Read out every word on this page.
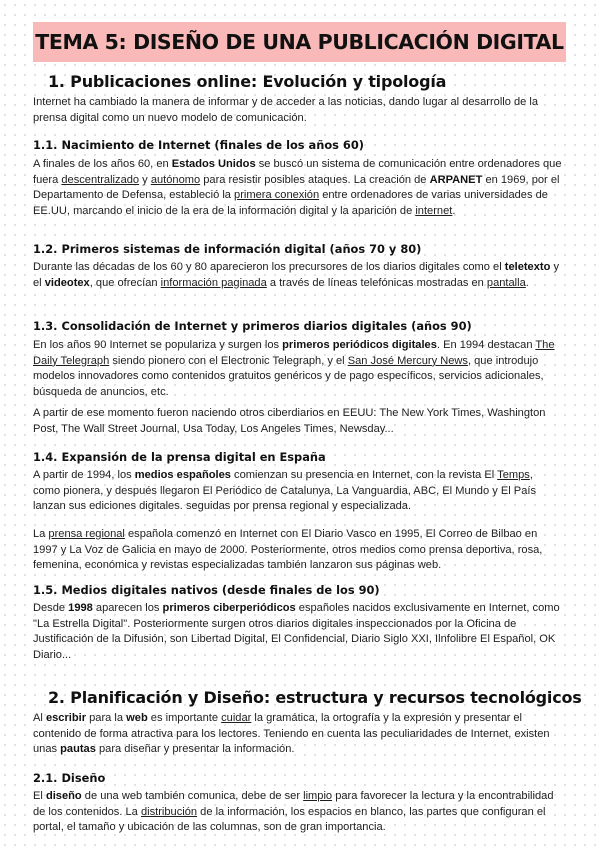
TEMA 5: DISEÑO DE UNA PUBLICACIÓN DIGITAL
1. Publicaciones online: Evolución y tipología

Internet ha cambiado la manera de informar y de acceder a las noticias, dando lugar al desarrollo de la prensa digital como un nuevo modelo de comunicación.

1.1. Nacimiento de Internet (finales de los años 60)

A finales de los años 60, en Estados Unidos se buscó un sistema de comunicación entre ordenadores que fuera descentralizado y autónomo para resistir posibles ataques. La creación de ARPANET en 1969, por el Departamento de Defensa, estableció la primera conexión entre ordenadores de varias universidades de EE.UU, marcando el inicio de la era de la información digital y la aparición de internet.

1.2. Primeros sistemas de información digital (años 70 y 80)

Durante las décadas de los 60 y 80 aparecieron los precursores de los diarios digitales como el teletexto y el videotex, que ofrecían información paginada a través de líneas telefónicas mostradas en pantalla.

1.3. Consolidación de Internet y primeros diarios digitales (años 90)

En los años 90 Internet se populariza y surgen los primeros periódicos digitales. En 1994 destacan The Daily Telegraph siendo pionero con el Electronic Telegraph, y el San José Mercury News, que introdujo modelos innovadores como contenidos gratuitos genéricos y de pago específicos, servicios adicionales, búsqueda de anuncios, etc.

A partir de ese momento fueron naciendo otros ciberdiarios en EEUU: The New York Times, Washington Post, The Wall Street Journal, Usa Today, Los Angeles Times, Newsday...

1.4. Expansión de la prensa digital en España

A partir de 1994, los medios españoles comienzan su presencia en Internet, con la revista El Temps, como pionera, y después llegaron El Periódico de Catalunya, La Vanguardia, ABC, El Mundo y El País lanzan sus ediciones digitales. seguidas por prensa regional y especializada.

La prensa regional española comenzó en Internet con El Diario Vasco en 1995, El Correo de Bilbao en 1997 y La Voz de Galicia en mayo de 2000. Posteriormente, otros medios como prensa deportiva, rosa, femenina, económica y revistas especializadas también lanzaron sus páginas web.

1.5. Medios digitales nativos (desde finales de los 90)

Desde 1998 aparecen los primeros ciberperiódicos españoles nacidos exclusivamente en Internet, como "La Estrella Digital". Posteriormente surgen otros diarios digitales inspeccionados por la Oficina de Justificación de la Difusión, son Libertad Digital, El Confidencial, Diario Siglo XXI, Ilnfolibre El Español, OK Diario...

2. Planificación y Diseño: estructura y recursos tecnológicos

Al escribir para la web es importante cuidar la gramática, la ortografía y la expresión y presentar el contenido de forma atractiva para los lectores. Teniendo en cuenta las peculiaridades de Internet, existen unas pautas para diseñar y presentar la información.

2.1. Diseño

El diseño de una web también comunica, debe de ser limpio para favorecer la lectura y la encontrabilidad de los contenidos. La distribución de la información, los espacios en blanco, las partes que configuran el portal, el tamaño y ubicación de las columnas, son de gran importancia.
